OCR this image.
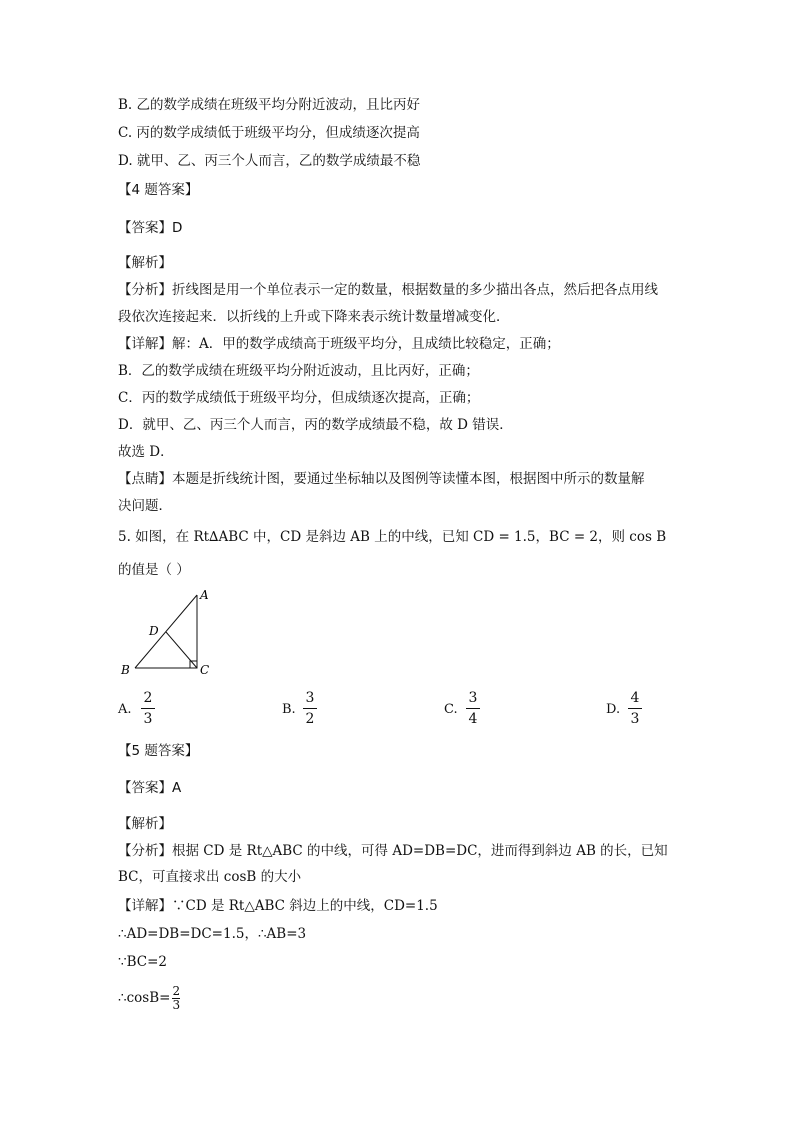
B. 乙的数学成绩在班级平均分附近波动，且比丙好
C. 丙的数学成绩低于班级平均分，但成绩逐次提高
D. 就甲、乙、丙三个人而言，乙的数学成绩最不稳
【4 题答案】
【答案】D
【解析】
【分析】折线图是用一个单位表示一定的数量，根据数量的多少描出各点，然后把各点用线
段依次连接起来．以折线的上升或下降来表示统计数量增减变化．
【详解】解：A．甲的数学成绩高于班级平均分，且成绩比较稳定，正确；
B．乙的数学成绩在班级平均分附近波动，且比丙好，正确；
C．丙的数学成绩低于班级平均分，但成绩逐次提高，正确；
D．就甲、乙、丙三个人而言，丙的数学成绩最不稳，故 D 错误．
故选 D．
【点睛】本题是折线统计图，要通过坐标轴以及图例等读懂本图，根据图中所示的数量解
决问题．
5. 如图，在 Rt∆ABC 中，CD 是斜边 AB 上的中线，已知 CD = 1.5，BC = 2，则 cos B
的值是（ ）
A
B	C
D
A.
2
3
B.
3
2
C.
3
4
D.
4
3
【5 题答案】
【答案】A
【解析】
【分析】根据 CD 是 Rt△ABC 的中线，可得 AD=DB=DC，进而得到斜边 AB 的长，已知
BC，可直接求出 cosB 的大小
【详解】∵CD 是 Rt△ABC 斜边上的中线，CD=1.5
∴AD=DB=DC=1.5，∴AB=3
∵BC=2
∴cosB= $\frac{2}{3}$
